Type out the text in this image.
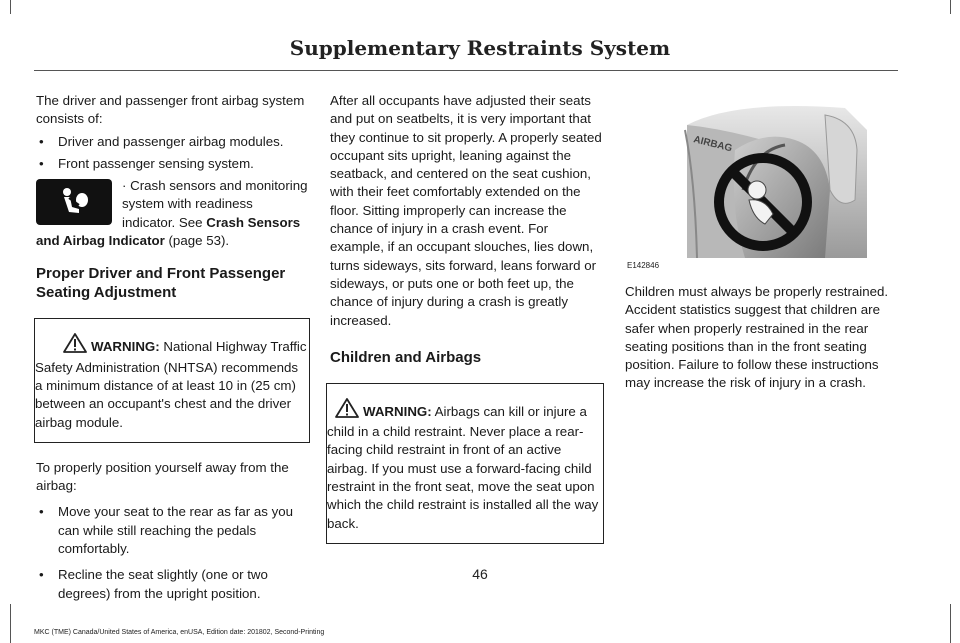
Supplementary Restraints System

The driver and passenger front airbag system consists of:

• Driver and passenger airbag modules.
• Front passenger sensing system.
· Crash sensors and monitoring system with readiness indicator. See Crash Sensors and Airbag Indicator (page 53).
Proper Driver and Front Passenger Seating Adjustment
WARNING: National Highway Traffic Safety Administration (NHTSA) recommends a minimum distance of at least 10 in (25 cm) between an occupant's chest and the driver airbag module.

To properly position yourself away from the airbag:

• Move your seat to the rear as far as you can while still reaching the pedals comfortably.
• Recline the seat slightly (one or two degrees) from the upright position.

After all occupants have adjusted their seats and put on seatbelts, it is very important that they continue to sit properly. A properly seated occupant sits upright, leaning against the seatback, and centered on the seat cushion, with their feet comfortably extended on the floor. Sitting improperly can increase the chance of injury in a crash event. For example, if an occupant slouches, lies down, turns sideways, sits forward, leans forward or sideways, or puts one or both feet up, the chance of injury during a crash is greatly increased.

Children and Airbags
WARNING: Airbags can kill or injure a child in a child restraint. Never place a rear-facing child restraint in front of an active airbag. If you must use a forward-facing child restraint in the front seat, move the seat upon which the child restraint is installed all the way back.
AIRBAG
E142846

Children must always be properly restrained. Accident statistics suggest that children are safer when properly restrained in the rear seating positions than in the front seating position. Failure to follow these instructions may increase the risk of injury in a crash.

46
MKC (TME) Canada/United States of America, enUSA, Edition date: 201802, Second-Printing
